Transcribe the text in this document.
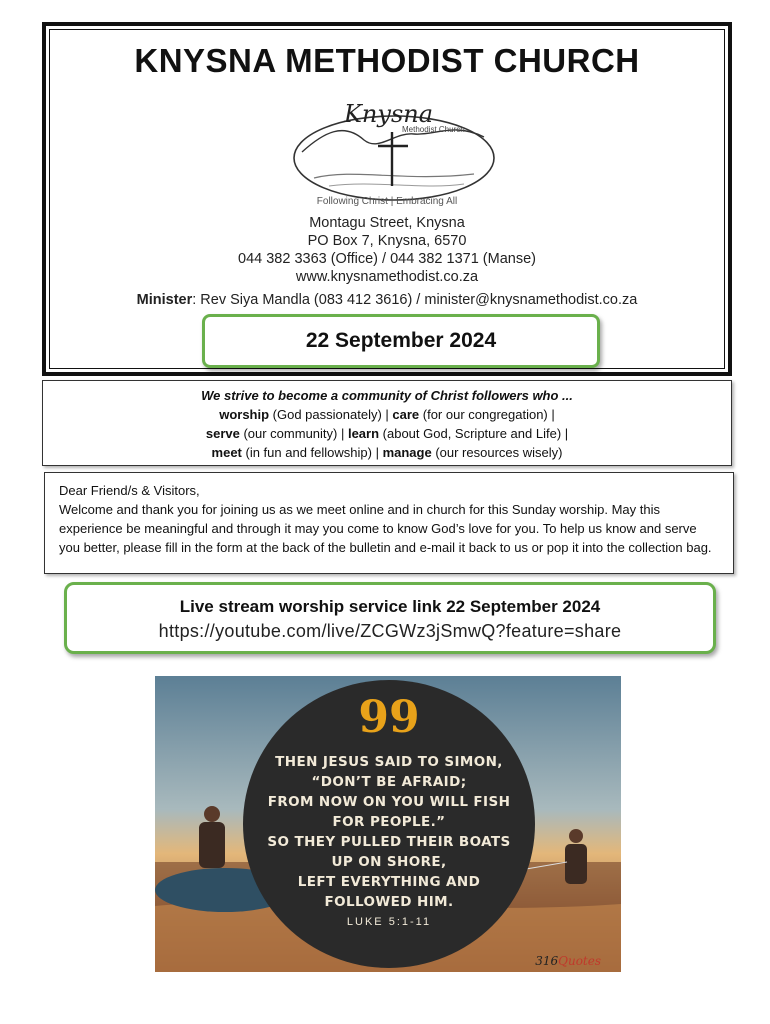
KNYSNA METHODIST CHURCH
Knysna
Methodist Church
Following Christ | Embracing All
Montagu Street, Knysna
PO Box 7, Knysna, 6570
044 382 3363 (Office) / 044 382 1371 (Manse)
www.knysnamethodist.co.za
Minister: Rev Siya Mandla (083 412 3616) / minister@knysnamethodist.co.za
22 September 2024
We strive to become a community of Christ followers who ...
worship (God passionately) | care (for our congregation) |
serve (our community) | learn (about God, Scripture and Life) |
meet (in fun and fellowship) | manage (our resources wisely)

Dear Friend/s & Visitors,

Welcome and thank you for joining us as we meet online and in church for this Sunday worship. May this experience be meaningful and through it may you come to know God’s love for you. To help us know and serve you better, please fill in the form at the back of the bulletin and e-mail it back to us or pop it into the collection bag.

Live stream worship service link 22 September 2024
https://youtube.com/live/ZCGWz3jSmwQ?feature=share
99
THEN JESUS SAID TO SIMON,
“DON’T BE AFRAID;
FROM NOW ON YOU WILL FISH
FOR PEOPLE.”
SO THEY PULLED THEIR BOATS
UP ON SHORE,
LEFT EVERYTHING AND
FOLLOWED HIM.
LUKE 5:1-11
316Quotes
